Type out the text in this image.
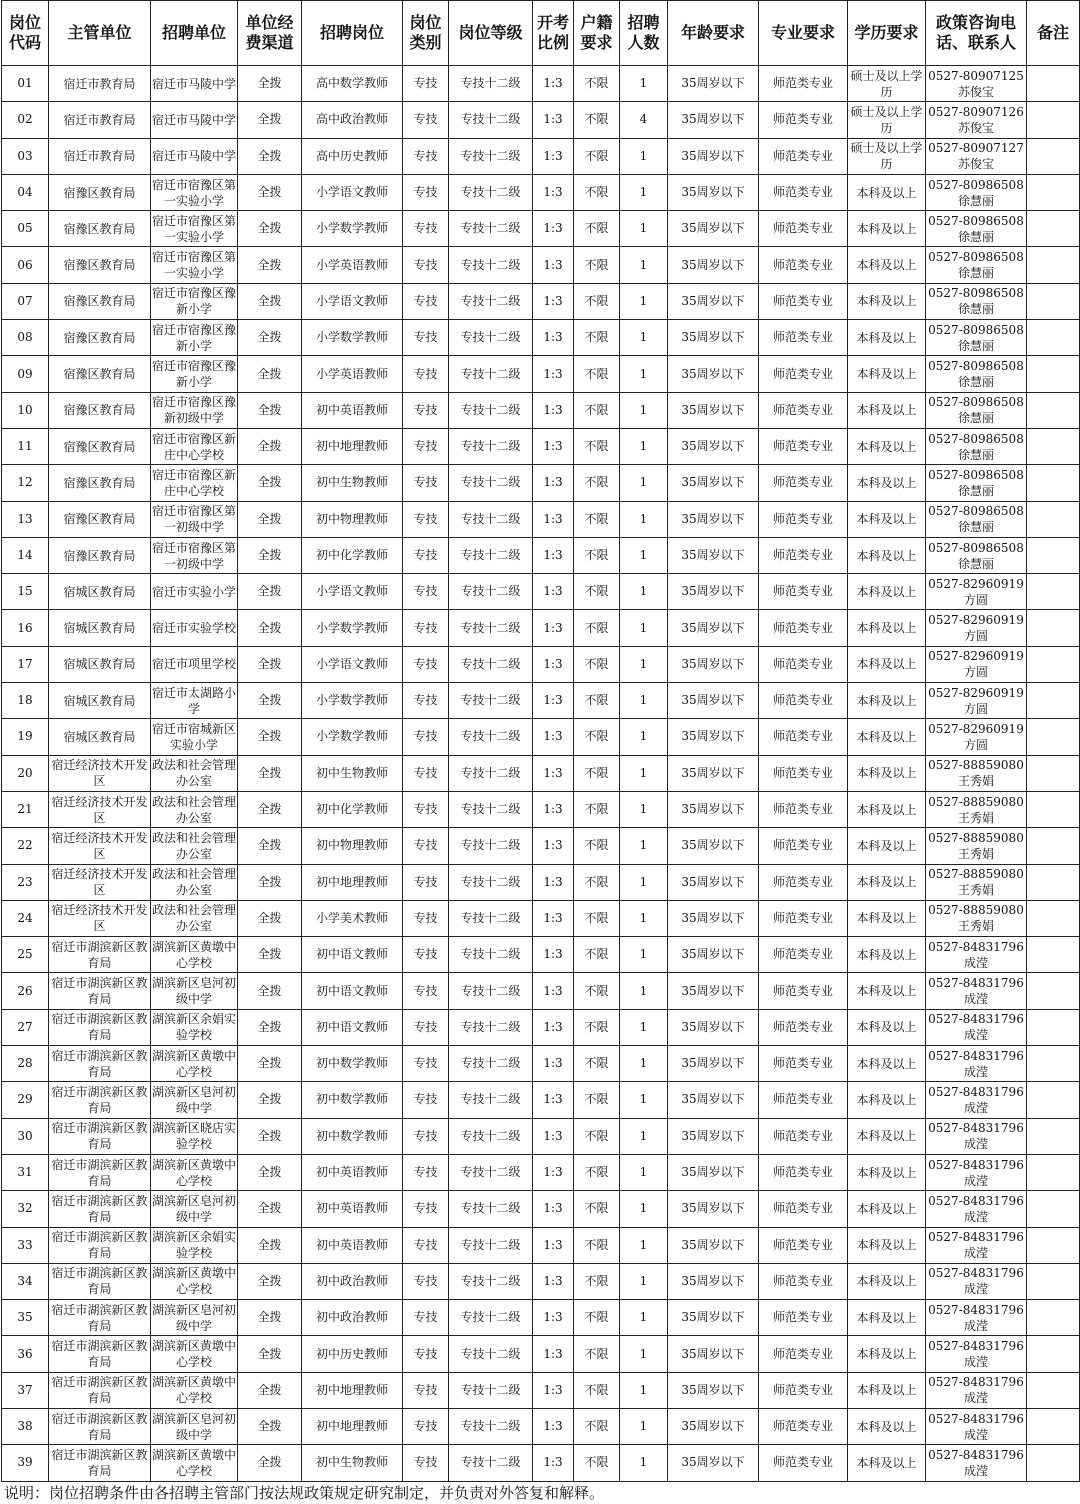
岗位代码	主管单位	招聘单位	单位经费渠道	招聘岗位	岗位类别	岗位等级	开考比例	户籍要求	招聘人数	年龄要求	专业要求	学历要求	政策咨询电话、联系人	备注
01	宿迁市教育局	宿迁市马陵中学	全拨	高中数学教师	专技	专技十二级	1:3	不限	1	35周岁以下	师范类专业	硕士及以上学历	0527-80907125 苏俊宝	
02	宿迁市教育局	宿迁市马陵中学	全拨	高中政治教师	专技	专技十二级	1:3	不限	4	35周岁以下	师范类专业	硕士及以上学历	0527-80907126 苏俊宝	
03	宿迁市教育局	宿迁市马陵中学	全拨	高中历史教师	专技	专技十二级	1:3	不限	1	35周岁以下	师范类专业	硕士及以上学历	0527-80907127 苏俊宝	
04	宿豫区教育局	宿迁市宿豫区第一实验小学	全拨	小学语文教师	专技	专技十二级	1:3	不限	1	35周岁以下	师范类专业	本科及以上	0527-80986508 徐慧丽	
05	宿豫区教育局	宿迁市宿豫区第一实验小学	全拨	小学数学教师	专技	专技十二级	1:3	不限	1	35周岁以下	师范类专业	本科及以上	0527-80986508 徐慧丽	
06	宿豫区教育局	宿迁市宿豫区第一实验小学	全拨	小学英语教师	专技	专技十二级	1:3	不限	1	35周岁以下	师范类专业	本科及以上	0527-80986508 徐慧丽	
07	宿豫区教育局	宿迁市宿豫区豫新小学	全拨	小学语文教师	专技	专技十二级	1:3	不限	1	35周岁以下	师范类专业	本科及以上	0527-80986508 徐慧丽	
08	宿豫区教育局	宿迁市宿豫区豫新小学	全拨	小学数学教师	专技	专技十二级	1:3	不限	1	35周岁以下	师范类专业	本科及以上	0527-80986508 徐慧丽	
09	宿豫区教育局	宿迁市宿豫区豫新小学	全拨	小学英语教师	专技	专技十二级	1:3	不限	1	35周岁以下	师范类专业	本科及以上	0527-80986508 徐慧丽	
10	宿豫区教育局	宿迁市宿豫区豫新初级中学	全拨	初中英语教师	专技	专技十二级	1:3	不限	1	35周岁以下	师范类专业	本科及以上	0527-80986508 徐慧丽	
11	宿豫区教育局	宿迁市宿豫区新庄中心学校	全拨	初中地理教师	专技	专技十二级	1:3	不限	1	35周岁以下	师范类专业	本科及以上	0527-80986508 徐慧丽	
12	宿豫区教育局	宿迁市宿豫区新庄中心学校	全拨	初中生物教师	专技	专技十二级	1:3	不限	1	35周岁以下	师范类专业	本科及以上	0527-80986508 徐慧丽	
13	宿豫区教育局	宿迁市宿豫区第一初级中学	全拨	初中物理教师	专技	专技十二级	1:3	不限	1	35周岁以下	师范类专业	本科及以上	0527-80986508 徐慧丽	
14	宿豫区教育局	宿迁市宿豫区第一初级中学	全拨	初中化学教师	专技	专技十二级	1:3	不限	1	35周岁以下	师范类专业	本科及以上	0527-80986508 徐慧丽	
15	宿城区教育局	宿迁市实验小学	全拨	小学语文教师	专技	专技十二级	1:3	不限	1	35周岁以下	师范类专业	本科及以上	0527-82960919 方圆	
16	宿城区教育局	宿迁市实验学校	全拨	小学数学教师	专技	专技十二级	1:3	不限	1	35周岁以下	师范类专业	本科及以上	0527-82960919 方圆	
17	宿城区教育局	宿迁市项里学校	全拨	小学语文教师	专技	专技十二级	1:3	不限	1	35周岁以下	师范类专业	本科及以上	0527-82960919 方圆	
18	宿城区教育局	宿迁市太湖路小学	全拨	小学数学教师	专技	专技十二级	1:3	不限	1	35周岁以下	师范类专业	本科及以上	0527-82960919 方圆	
19	宿城区教育局	宿迁市宿城新区实验小学	全拨	小学数学教师	专技	专技十二级	1:3	不限	1	35周岁以下	师范类专业	本科及以上	0527-82960919 方圆	
20	宿迁经济技术开发区	政法和社会管理办公室	全拨	初中生物教师	专技	专技十二级	1:3	不限	1	35周岁以下	师范类专业	本科及以上	0527-88859080 王秀娟	
21	宿迁经济技术开发区	政法和社会管理办公室	全拨	初中化学教师	专技	专技十二级	1:3	不限	1	35周岁以下	师范类专业	本科及以上	0527-88859080 王秀娟	
22	宿迁经济技术开发区	政法和社会管理办公室	全拨	初中物理教师	专技	专技十二级	1:3	不限	1	35周岁以下	师范类专业	本科及以上	0527-88859080 王秀娟	
23	宿迁经济技术开发区	政法和社会管理办公室	全拨	初中地理教师	专技	专技十二级	1:3	不限	1	35周岁以下	师范类专业	本科及以上	0527-88859080 王秀娟	
24	宿迁经济技术开发区	政法和社会管理办公室	全拨	小学美术教师	专技	专技十二级	1:3	不限	1	35周岁以下	师范类专业	本科及以上	0527-88859080 王秀娟	
25	宿迁市湖滨新区教育局	湖滨新区黄墩中心学校	全拨	初中语文教师	专技	专技十二级	1:3	不限	1	35周岁以下	师范类专业	本科及以上	0527-84831796 成滢	
26	宿迁市湖滨新区教育局	湖滨新区皂河初级中学	全拨	初中语文教师	专技	专技十二级	1:3	不限	1	35周岁以下	师范类专业	本科及以上	0527-84831796 成滢	
27	宿迁市湖滨新区教育局	湖滨新区余娟实验学校	全拨	初中语文教师	专技	专技十二级	1:3	不限	1	35周岁以下	师范类专业	本科及以上	0527-84831796 成滢	
28	宿迁市湖滨新区教育局	湖滨新区黄墩中心学校	全拨	初中数学教师	专技	专技十二级	1:3	不限	1	35周岁以下	师范类专业	本科及以上	0527-84831796 成滢	
29	宿迁市湖滨新区教育局	湖滨新区皂河初级中学	全拨	初中数学教师	专技	专技十二级	1:3	不限	1	35周岁以下	师范类专业	本科及以上	0527-84831796 成滢	
30	宿迁市湖滨新区教育局	湖滨新区晓店实验学校	全拨	初中数学教师	专技	专技十二级	1:3	不限	1	35周岁以下	师范类专业	本科及以上	0527-84831796 成滢	
31	宿迁市湖滨新区教育局	湖滨新区黄墩中心学校	全拨	初中英语教师	专技	专技十二级	1:3	不限	1	35周岁以下	师范类专业	本科及以上	0527-84831796 成滢	
32	宿迁市湖滨新区教育局	湖滨新区皂河初级中学	全拨	初中英语教师	专技	专技十二级	1:3	不限	1	35周岁以下	师范类专业	本科及以上	0527-84831796 成滢	
33	宿迁市湖滨新区教育局	湖滨新区余娟实验学校	全拨	初中英语教师	专技	专技十二级	1:3	不限	1	35周岁以下	师范类专业	本科及以上	0527-84831796 成滢	
34	宿迁市湖滨新区教育局	湖滨新区黄墩中心学校	全拨	初中政治教师	专技	专技十二级	1:3	不限	1	35周岁以下	师范类专业	本科及以上	0527-84831796 成滢	
35	宿迁市湖滨新区教育局	湖滨新区皂河初级中学	全拨	初中政治教师	专技	专技十二级	1:3	不限	1	35周岁以下	师范类专业	本科及以上	0527-84831796 成滢	
36	宿迁市湖滨新区教育局	湖滨新区黄墩中心学校	全拨	初中历史教师	专技	专技十二级	1:3	不限	1	35周岁以下	师范类专业	本科及以上	0527-84831796 成滢	
37	宿迁市湖滨新区教育局	湖滨新区黄墩中心学校	全拨	初中地理教师	专技	专技十二级	1:3	不限	1	35周岁以下	师范类专业	本科及以上	0527-84831796 成滢	
38	宿迁市湖滨新区教育局	湖滨新区皂河初级中学	全拨	初中地理教师	专技	专技十二级	1:3	不限	1	35周岁以下	师范类专业	本科及以上	0527-84831796 成滢	
39	宿迁市湖滨新区教育局	湖滨新区黄墩中心学校	全拨	初中生物教师	专技	专技十二级	1:3	不限	1	35周岁以下	师范类专业	本科及以上	0527-84831796 成滢	
说明：岗位招聘条件由各招聘主管部门按法规政策规定研究制定，并负责对外答复和解释。
